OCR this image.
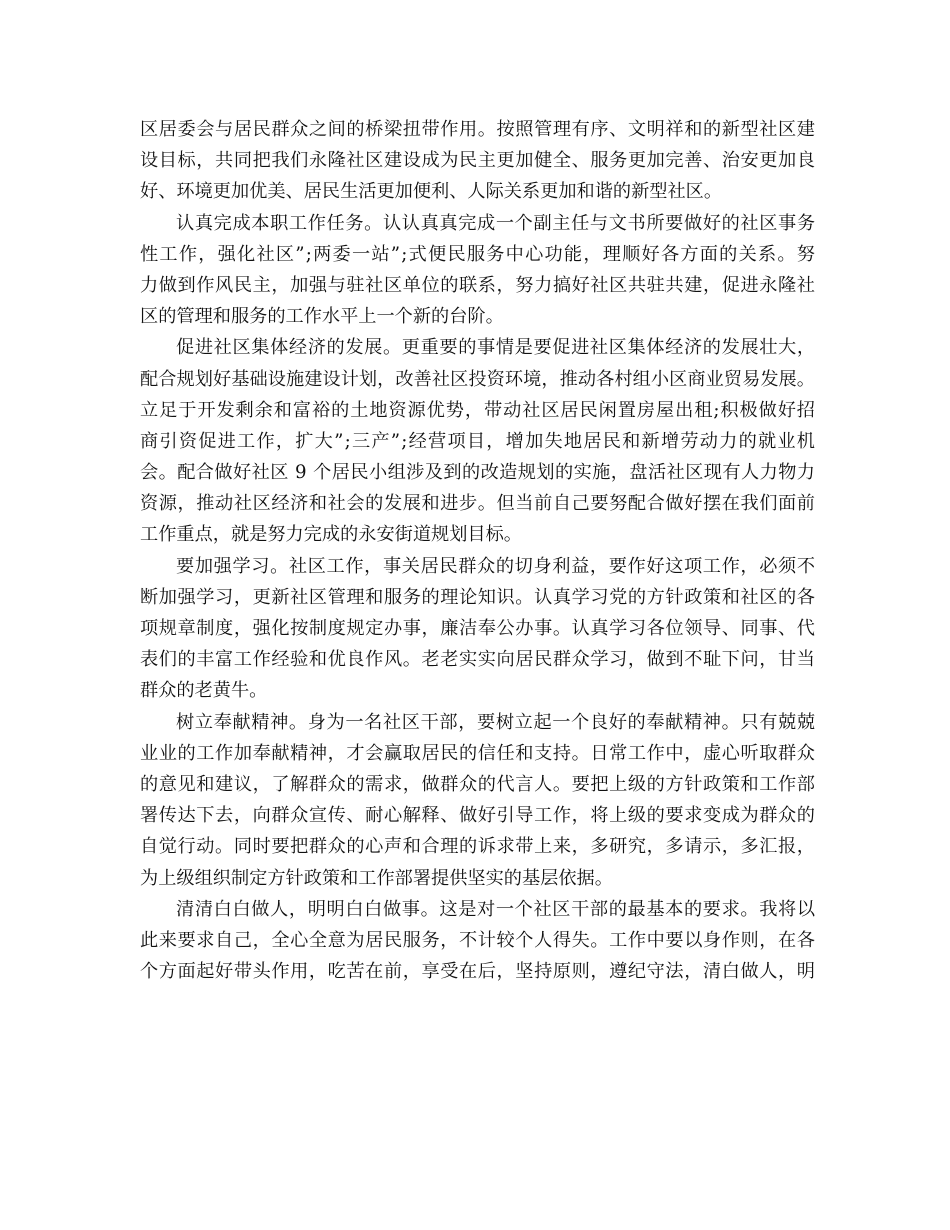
区居委会与居民群众之间的桥梁扭带作用。按照管理有序、文明祥和的新型社区建
设目标，共同把我们永隆社区建设成为民主更加健全、服务更加完善、治安更加良
好、环境更加优美、居民生活更加便利、人际关系更加和谐的新型社区。
认真完成本职工作任务。认认真真完成一个副主任与文书所要做好的社区事务
性工作，强化社区”;两委一站”;式便民服务中心功能，理顺好各方面的关系。努
力做到作风民主，加强与驻社区单位的联系，努力搞好社区共驻共建，促进永隆社
区的管理和服务的工作水平上一个新的台阶。
促进社区集体经济的发展。更重要的事情是要促进社区集体经济的发展壮大，
配合规划好基础设施建设计划，改善社区投资环境，推动各村组小区商业贸易发展。
立足于开发剩余和富裕的土地资源优势，带动社区居民闲置房屋出租;积极做好招
商引资促进工作，扩大”;三产”;经营项目，增加失地居民和新增劳动力的就业机
会。配合做好社区 9 个居民小组涉及到的改造规划的实施，盘活社区现有人力物力
资源，推动社区经济和社会的发展和进步。但当前自己要努配合做好摆在我们面前
工作重点，就是努力完成的永安街道规划目标。
要加强学习。社区工作，事关居民群众的切身利益，要作好这项工作，必须不
断加强学习，更新社区管理和服务的理论知识。认真学习党的方针政策和社区的各
项规章制度，强化按制度规定办事，廉洁奉公办事。认真学习各位领导、同事、代
表们的丰富工作经验和优良作风。老老实实向居民群众学习，做到不耻下问，甘当
群众的老黄牛。
树立奉献精神。身为一名社区干部，要树立起一个良好的奉献精神。只有兢兢
业业的工作加奉献精神，才会赢取居民的信任和支持。日常工作中，虚心听取群众
的意见和建议，了解群众的需求，做群众的代言人。要把上级的方针政策和工作部
署传达下去，向群众宣传、耐心解释、做好引导工作，将上级的要求变成为群众的
自觉行动。同时要把群众的心声和合理的诉求带上来，多研究，多请示，多汇报，
为上级组织制定方针政策和工作部署提供坚实的基层依据。
清清白白做人，明明白白做事。这是对一个社区干部的最基本的要求。我将以
此来要求自己，全心全意为居民服务，不计较个人得失。工作中要以身作则，在各
个方面起好带头作用，吃苦在前，享受在后，坚持原则，遵纪守法，清白做人，明
